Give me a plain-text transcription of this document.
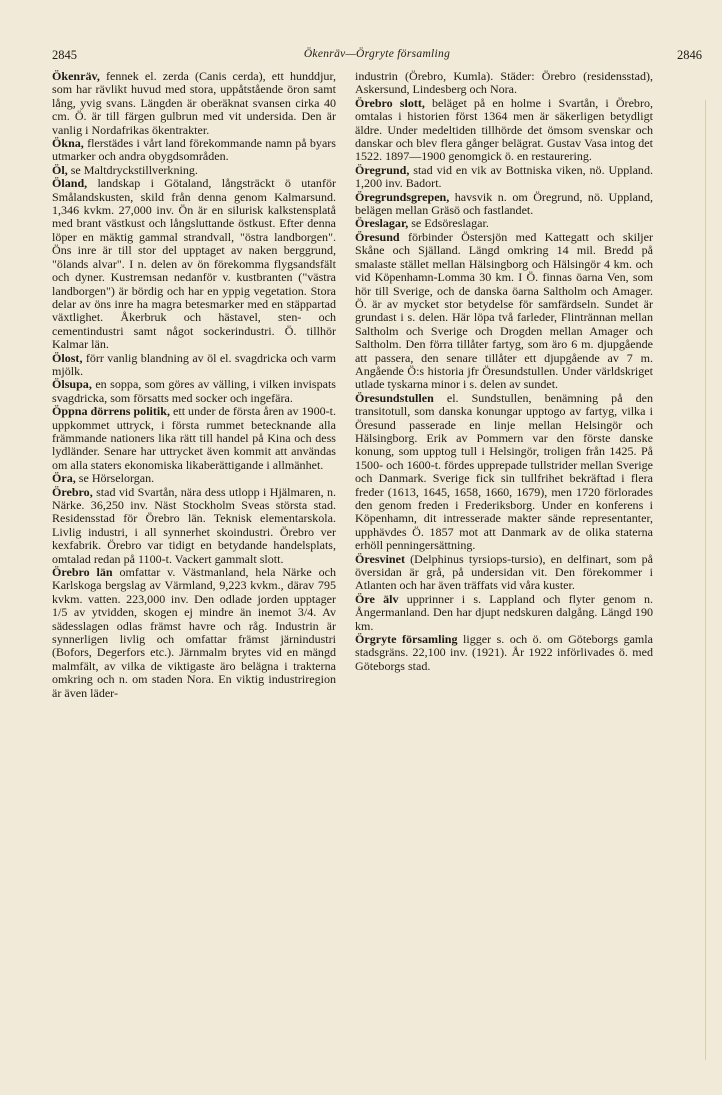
2845	Ökenräv—Örgryte församling	2846

Ökenräv, fennek el. zerda (Canis cerda), ett hunddjur, som har rävlikt huvud med stora, uppåtstående öron samt lång, yvig svans. Längden är oberäknat svansen cirka 40 cm. Ö. är till färgen gulbrun med vit undersida. Den är vanlig i Nordafrikas ökentrakter.

Ökna, flerstädes i vårt land förekommande namn på byars utmarker och andra obygdsområden.

Öl, se Maltdryckstillverkning.

Öland, landskap i Götaland, långsträckt ö utanför Smålandskusten, skild från denna genom Kalmarsund. 1,346 kvkm. 27,000 inv. Ön är en silurisk kalkstensplatå med brant västkust och långsluttande östkust. Efter denna löper en mäktig gammal strandvall, "östra landborgen". Öns inre är till stor del upptaget av naken berggrund, "ölands alvar". I n. delen av ön förekomma flygsandsfält och dyner. Kustremsan nedanför v. kustbranten ("västra landborgen") är bördig och har en yppig vegetation. Stora delar av öns inre ha magra betesmarker med en stäppartad växtlighet. Åkerbruk och hästavel, sten- och cementindustri samt något sockerindustri. Ö. tillhör Kalmar län.

Ölost, förr vanlig blandning av öl el. svagdricka och varm mjölk.

Ölsupa, en soppa, som göres av välling, i vilken invispats svagdricka, som försatts med socker och ingefära.

Öppna dörrens politik, ett under de första åren av 1900-t. uppkommet uttryck, i första rummet betecknande alla främmande nationers lika rätt till handel på Kina och dess lydländer. Senare har uttrycket även kommit att användas om alla staters ekonomiska likaberättigande i allmänhet.

Öra, se Hörselorgan.

Örebro, stad vid Svartån, nära dess utlopp i Hjälmaren, n. Närke. 36,250 inv. Näst Stockholm Sveas största stad. Residensstad för Örebro län. Teknisk elementarskola. Livlig industri, i all synnerhet skoindustri. Örebro ver kexfabrik. Örebro var tidigt en betydande handelsplats, omtalad redan på 1100-t. Vackert gammalt slott.

Örebro län omfattar v. Västmanland, hela Närke och Karlskoga bergslag av Värmland, 9,223 kvkm., därav 795 kvkm. vatten. 223,000 inv. Den odlade jorden upptager 1/5 av ytvidden, skogen ej mindre än inemot 3/4. Av sädesslagen odlas främst havre och råg. Industrin är synnerligen livlig och omfattar främst järnindustri (Bofors, Degerfors etc.). Järnmalm brytes vid en mängd malmfält, av vilka de viktigaste äro belägna i trakterna omkring och n. om staden Nora. En viktig industriregion är även läder-

industrin (Örebro, Kumla). Städer: Örebro (residensstad), Askersund, Lindesberg och Nora.

Örebro slott, beläget på en holme i Svartån, i Örebro, omtalas i historien först 1364 men är säkerligen betydligt äldre. Under medeltiden tillhörde det ömsom svenskar och danskar och blev flera gånger belägrat. Gustav Vasa intog det 1522. 1897—1900 genomgick ö. en restaurering.

Öregrund, stad vid en vik av Bottniska viken, nö. Uppland. 1,200 inv. Badort.

Öregrundsgrepen, havsvik n. om Öregrund, nö. Uppland, belägen mellan Gräsö och fastlandet.

Öreslagar, se Edsöreslagar.

Öresund förbinder Östersjön med Kattegatt och skiljer Skåne och Själland. Längd omkring 14 mil. Bredd på smalaste stället mellan Hälsingborg och Hälsingör 4 km. och vid Köpenhamn-Lomma 30 km. I Ö. finnas öarna Ven, som hör till Sverige, och de danska öarna Saltholm och Amager. Ö. är av mycket stor betydelse för samfärdseln. Sundet är grundast i s. delen. Här löpa två farleder, Flintrännan mellan Saltholm och Sverige och Drogden mellan Amager och Saltholm. Den förra tillåter fartyg, som äro 6 m. djupgående att passera, den senare tillåter ett djupgående av 7 m. Angående Ö:s historia jfr Öresundstullen. Under världskriget utlade tyskarna minor i s. delen av sundet.

Öresundstullen el. Sundstullen, benämning på den transitotull, som danska konungar upptogo av fartyg, vilka i Öresund passerade en linje mellan Helsingör och Hälsingborg. Erik av Pommern var den förste danske konung, som upptog tull i Helsingör, troligen från 1425. På 1500- och 1600-t. fördes upprepade tullstrider mellan Sverige och Danmark. Sverige fick sin tullfrihet bekräftad i flera freder (1613, 1645, 1658, 1660, 1679), men 1720 förlorades den genom freden i Frederiksborg. Under en konferens i Köpenhamn, dit intresserade makter sände representanter, upphävdes Ö. 1857 mot att Danmark av de olika staterna erhöll penningersättning.

Öresvinet (Delphinus tyrsiops-tursio), en delfinart, som på översidan är grå, på undersidan vit. Den förekommer i Atlanten och har även träffats vid våra kuster.

Öre älv upprinner i s. Lappland och flyter genom n. Ångermanland. Den har djupt nedskuren dalgång. Längd 190 km.

Örgryte församling ligger s. och ö. om Göteborgs gamla stadsgräns. 22,100 inv. (1921). År 1922 införlivades ö. med Göteborgs stad.
